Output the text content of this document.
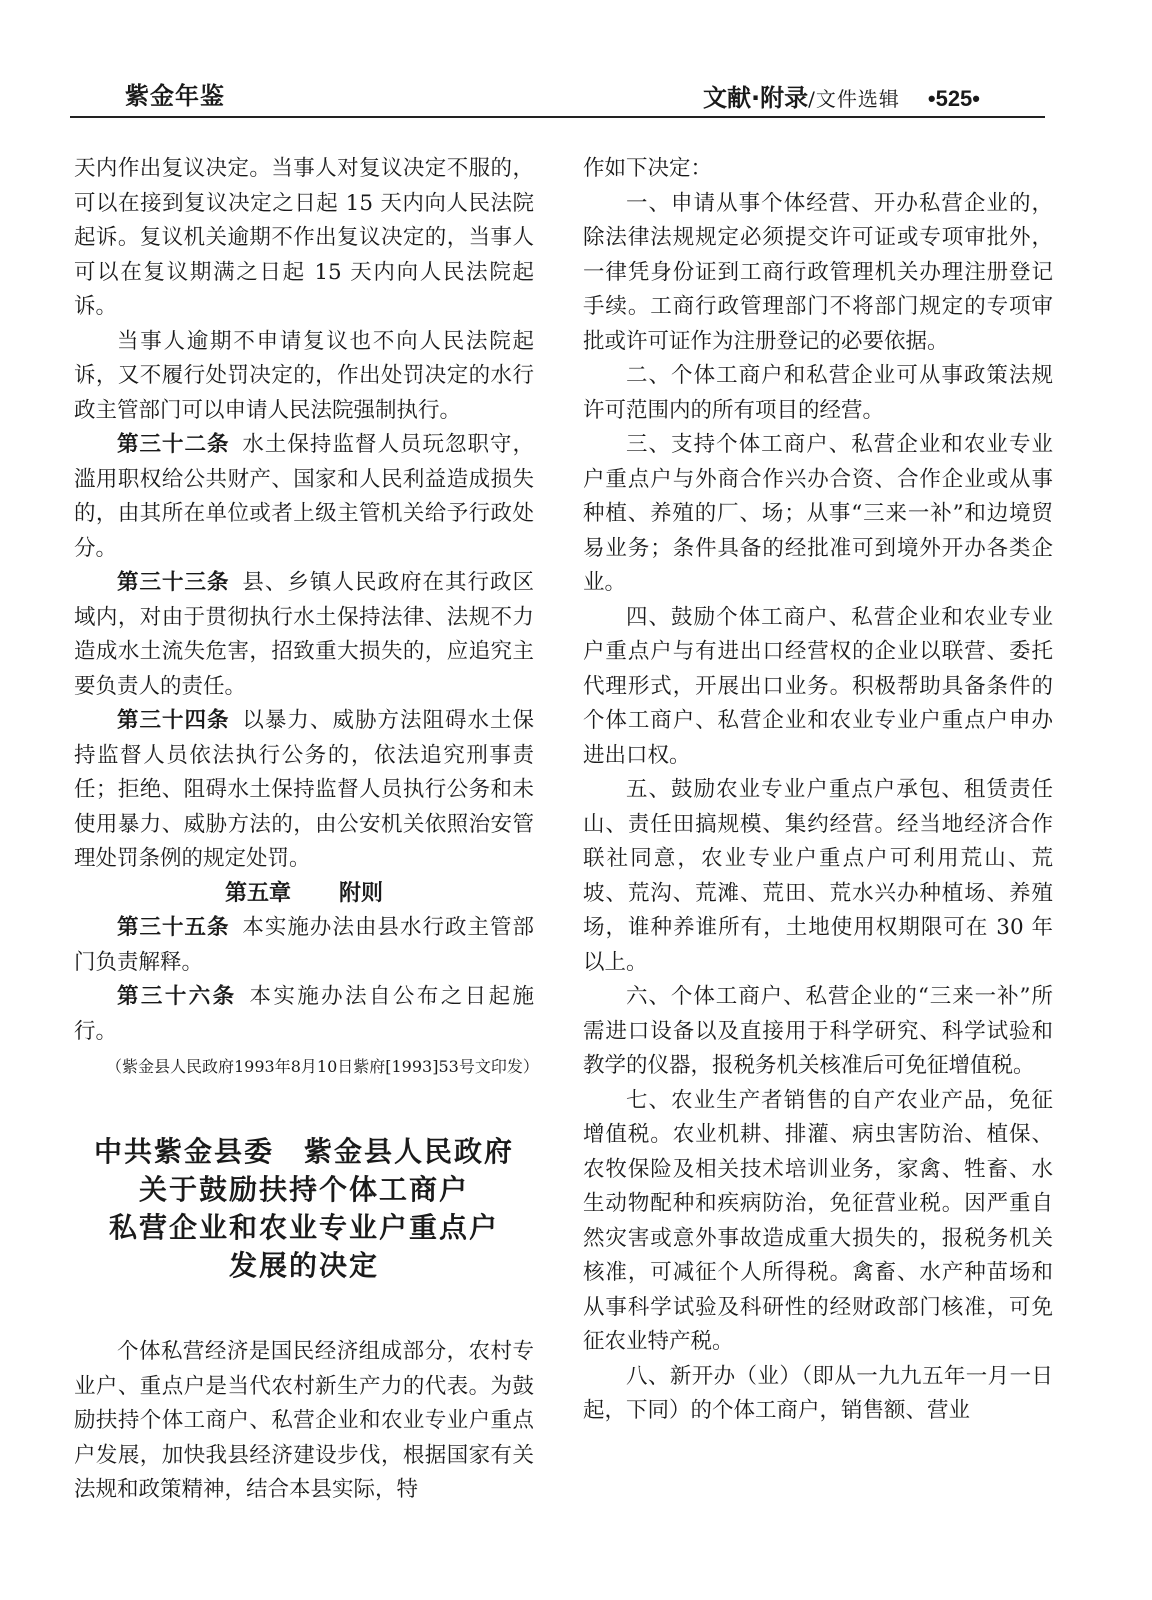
紫金年鉴	文献·附录/文件选辑 •525•

天内作出复议决定。当事人对复议决定不服的，可以在接到复议决定之日起 15 天内向人民法院起诉。复议机关逾期不作出复议决定的，当事人可以在复议期满之日起 15 天内向人民法院起诉。

当事人逾期不申请复议也不向人民法院起诉，又不履行处罚决定的，作出处罚决定的水行政主管部门可以申请人民法院强制执行。

第三十二条 水土保持监督人员玩忽职守，滥用职权给公共财产、国家和人民利益造成损失的，由其所在单位或者上级主管机关给予行政处分。

第三十三条 县、乡镇人民政府在其行政区域内，对由于贯彻执行水土保持法律、法规不力造成水土流失危害，招致重大损失的，应追究主要负责人的责任。

第三十四条 以暴力、威胁方法阻碍水土保持监督人员依法执行公务的，依法追究刑事责任；拒绝、阻碍水土保持监督人员执行公务和未使用暴力、威胁方法的，由公安机关依照治安管理处罚条例的规定处罚。

第五章 附则

第三十五条 本实施办法由县水行政主管部门负责解释。

第三十六条 本实施办法自公布之日起施行。

（紫金县人民政府1993年8月10日紫府[1993]53号文印发）

中共紫金县委　紫金县人民政府
关于鼓励扶持个体工商户
私营企业和农业专业户重点户
发展的决定

个体私营经济是国民经济组成部分，农村专业户、重点户是当代农村新生产力的代表。为鼓励扶持个体工商户、私营企业和农业专业户重点户发展，加快我县经济建设步伐，根据国家有关法规和政策精神，结合本县实际，特

作如下决定：

一、申请从事个体经营、开办私营企业的，除法律法规规定必须提交许可证或专项审批外，一律凭身份证到工商行政管理机关办理注册登记手续。工商行政管理部门不将部门规定的专项审批或许可证作为注册登记的必要依据。

二、个体工商户和私营企业可从事政策法规许可范围内的所有项目的经营。

三、支持个体工商户、私营企业和农业专业户重点户与外商合作兴办合资、合作企业或从事种植、养殖的厂、场；从事“三来一补”和边境贸易业务；条件具备的经批准可到境外开办各类企业。

四、鼓励个体工商户、私营企业和农业专业户重点户与有进出口经营权的企业以联营、委托代理形式，开展出口业务。积极帮助具备条件的个体工商户、私营企业和农业专业户重点户申办进出口权。

五、鼓励农业专业户重点户承包、租赁责任山、责任田搞规模、集约经营。经当地经济合作联社同意，农业专业户重点户可利用荒山、荒坡、荒沟、荒滩、荒田、荒水兴办种植场、养殖场，谁种养谁所有，土地使用权期限可在 30 年以上。

六、个体工商户、私营企业的“三来一补”所需进口设备以及直接用于科学研究、科学试验和教学的仪器，报税务机关核准后可免征增值税。

七、农业生产者销售的自产农业产品，免征增值税。农业机耕、排灌、病虫害防治、植保、农牧保险及相关技术培训业务，家禽、牲畜、水生动物配种和疾病防治，免征营业税。因严重自然灾害或意外事故造成重大损失的，报税务机关核准，可减征个人所得税。禽畜、水产种苗场和从事科学试验及科研性的经财政部门核准，可免征农业特产税。

八、新开办（业）（即从一九九五年一月一日起，下同）的个体工商户，销售额、营业
